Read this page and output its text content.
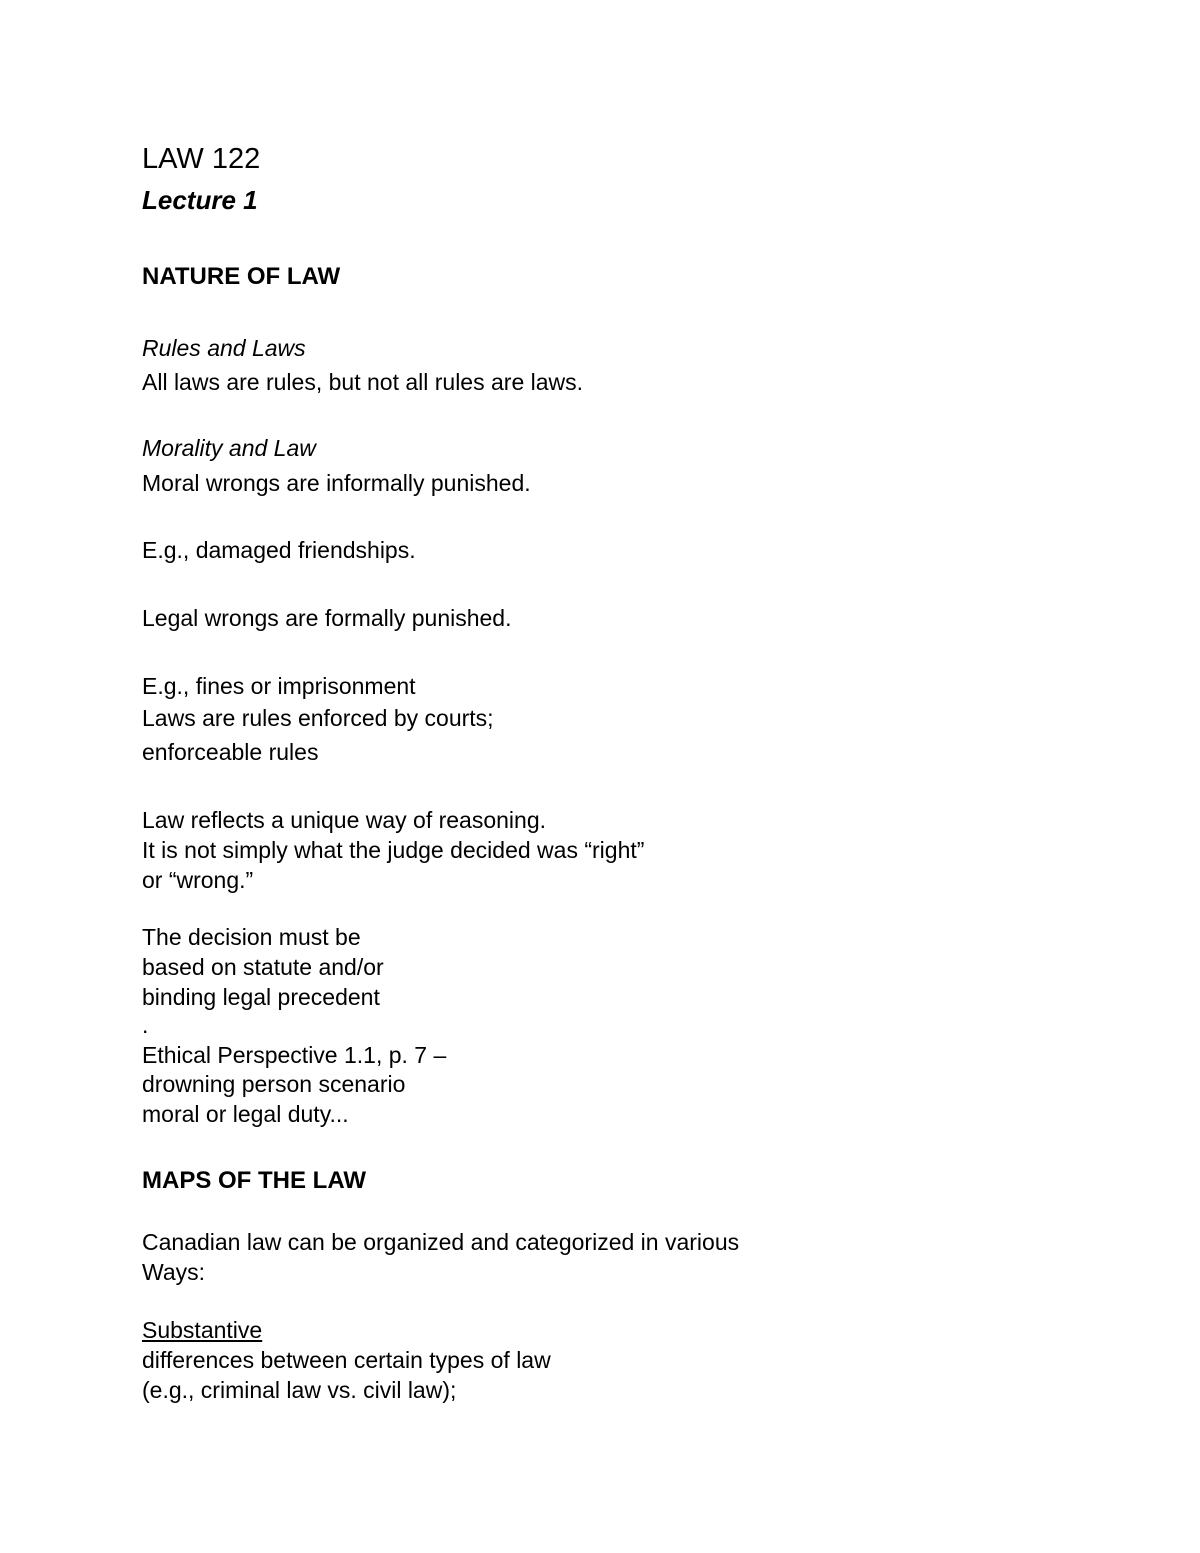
LAW 122
Lecture 1
NATURE OF LAW
Rules and Laws
All laws are rules, but not all rules are laws.
Morality and Law
Moral wrongs are informally punished.
E.g., damaged friendships.
Legal wrongs are formally punished.
E.g., fines or imprisonment
Laws are rules enforced by courts;
enforceable rules
Law reflects a unique way of reasoning.
It is not simply what the judge decided was “right”
or “wrong.”
The decision must be
based on statute and/or
binding legal precedent
.
Ethical Perspective 1.1, p. 7 –
drowning person scenario
moral or legal duty...
MAPS OF THE LAW
Canadian law can be organized and categorized in various
Ways:
Substantive
differences between certain types of law
(e.g., criminal law vs. civil law);
